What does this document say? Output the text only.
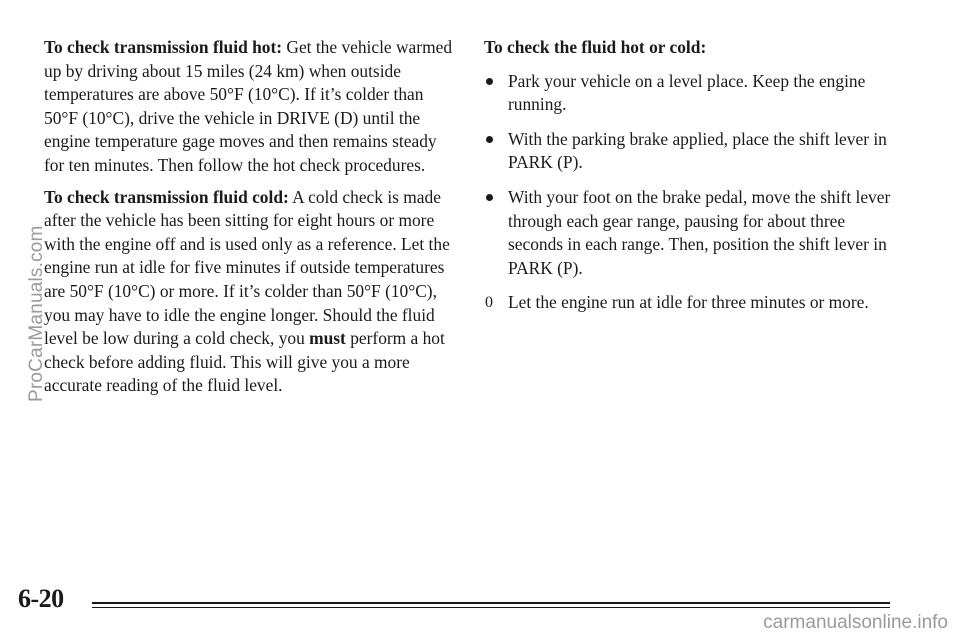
To check transmission fluid hot: Get the vehicle warmed up by driving about 15 miles (24 km) when outside temperatures are above 50°F (10°C). If it’s colder than 50°F (10°C), drive the vehicle in DRIVE (D) until the engine temperature gage moves and then remains steady for ten minutes. Then follow the hot check procedures.

To check transmission fluid cold: A cold check is made after the vehicle has been sitting for eight hours or more with the engine off and is used only as a reference. Let the engine run at idle for five minutes if outside temperatures are 50°F (10°C) or more. If it’s colder than 50°F (10°C), you may have to idle the engine longer. Should the fluid level be low during a cold check, you must perform a hot check before adding fluid. This will give you a more accurate reading of the fluid level.

To check the fluid hot or cold:

Park your vehicle on a level place. Keep the engine running.
With the parking brake applied, place the shift lever in PARK (P).
With your foot on the brake pedal, move the shift lever through each gear range, pausing for about three seconds in each range. Then, position the shift lever in PARK (P).
0 Let the engine run at idle for three minutes or more.
ProCarManuals.com
6-20
carmanualsonline.info
